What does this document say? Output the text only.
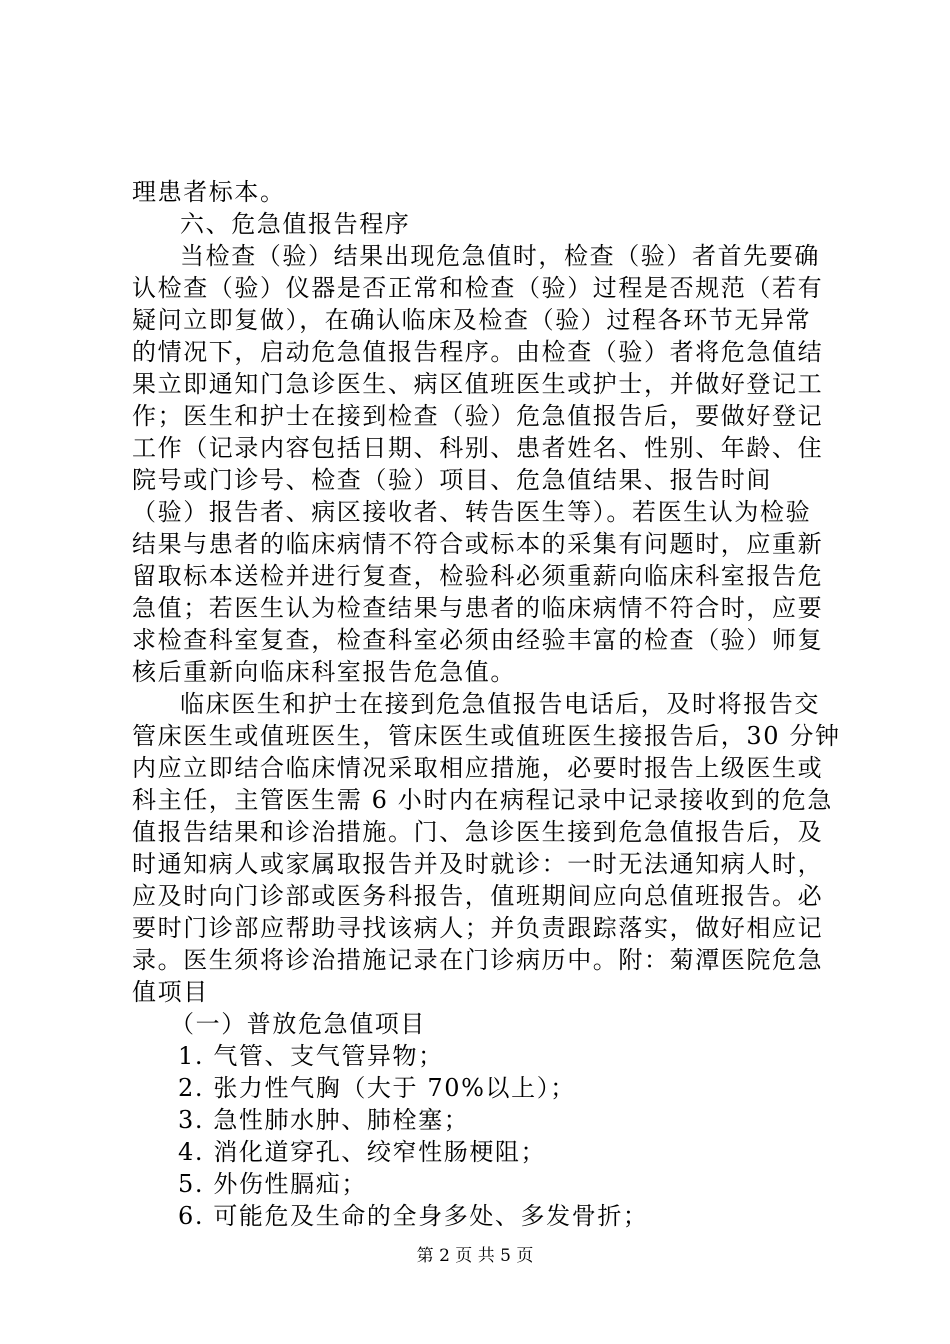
理患者标本。
六、危急值报告程序
当检查（验）结果出现危急值时，检查（验）者首先要确
认检查（验）仪器是否正常和检查（验）过程是否规范（若有
疑问立即复做），在确认临床及检查（验）过程各环节无异常
的情况下，启动危急值报告程序。由检查（验）者将危急值结
果立即通知门急诊医生、病区值班医生或护士，并做好登记工
作；医生和护士在接到检查（验）危急值报告后，要做好登记
工作（记录内容包括日期、科别、患者姓名、性别、年龄、住
院号或门诊号、检查（验）项目、危急值结果、报告时间
（验）报告者、病区接收者、转告医生等）。若医生认为检验
结果与患者的临床病情不符合或标本的采集有问题时，应重新
留取标本送检并进行复查，检验科必须重薪向临床科室报告危
急值；若医生认为检查结果与患者的临床病情不符合时，应要
求检查科室复查，检查科室必须由经验丰富的检查（验）师复
核后重新向临床科室报告危急值。
临床医生和护士在接到危急值报告电话后，及时将报告交
管床医生或值班医生，管床医生或值班医生接报告后，30 分钟
内应立即结合临床情况采取相应措施，必要时报告上级医生或
科主任，主管医生需 6 小时内在病程记录中记录接收到的危急
值报告结果和诊治措施。门、急诊医生接到危急值报告后，及
时通知病人或家属取报告并及时就诊：一时无法通知病人时，
应及时向门诊部或医务科报告，值班期间应向总值班报告。必
要时门诊部应帮助寻找该病人；并负责跟踪落实，做好相应记
录。医生须将诊治措施记录在门诊病历中。附：菊潭医院危急
值项目
（一）普放危急值项目
1. 气管、支气管异物；
2. 张力性气胸（大于 70%以上）；
3. 急性肺水肿、肺栓塞；
4. 消化道穿孔、绞窄性肠梗阻；
5. 外伤性膈疝；
6. 可能危及生命的全身多处、多发骨折；
第 2 页 共 5 页
